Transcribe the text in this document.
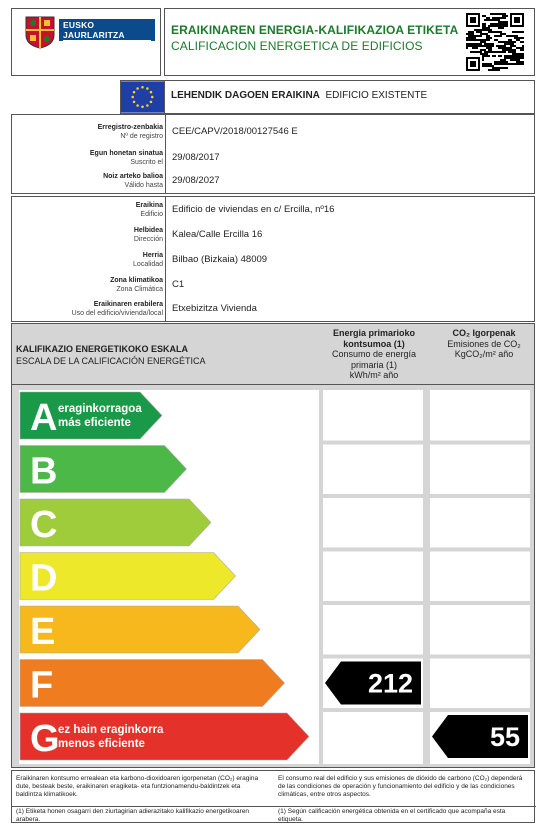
EUSKO JAURLARITZA
GOBIERNO VASCO
ERAIKINAREN ENERGIA-KALIFIKAZIOA ETIKETA
CALIFICACION ENERGETICA DE EDIFICIOS
LEHENDIK DAGOEN ERAIKINA EDIFICIO EXISTENTE
Erregistro-zenbakia
Nº de registro CEE/CAPV/2018/00127546 E
Egun honetan sinatua
Suscrito el 29/08/2017
Noiz arteko balioa
Válido hasta 29/08/2027
Eraikina
Edificio Edificio de viviendas en c/ Ercilla, nº16
Helbidea
Dirección Kalea/Calle Ercilla 16
Herria
Localidad Bilbao (Bizkaia) 48009
Zona klimatikoa
Zona Climática C1
Eraikinaren erabilera
Uso del edificio/vivienda/local Etxebizitza Vivienda
KALIFIKAZIO ENERGETIKOKO ESKALA
ESCALA DE LA CALIFICACIÓN ENERGÉTICA
Energia primarioko kontsumoa (1)
Consumo de energía primaria (1)
kWh/m² año
CO₂ Igorpenak
Emisiones de CO₂
KgCO₂/m² año
A eraginkorragoa
más eficiente
B
C
D
E
F
G
ez hain eraginkorra
menos eficiente
212
55
Eraikinaren kontsumo errealean eta karbono-dioxidoaren igorpenetan (CO₂) eragina dute, besteak beste, eraikinaren eragiketa- eta funtzionamendu-baldintzek eta baldintza klimatikoek.
El consumo real del edificio y sus emisiones de dióxido de carbono (CO₂) dependerá de las condiciones de operación y funcionamiento del edificio y de las condiciones climáticas, entre otros aspectos.
(1) Etiketa honen osagarri den ziurtagirian adierazitako kalifikazio energetikoaren arabera.
(1) Según calificación energética obtenida en el certificado que acompaña esta etiqueta.
